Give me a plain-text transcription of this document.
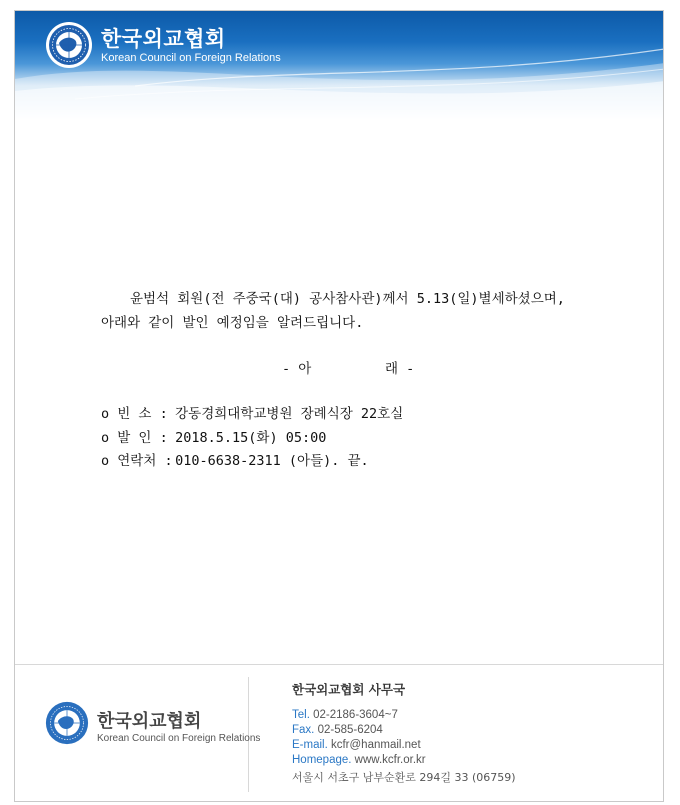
한국외교협회
Korean Council on Foreign Relations
윤범석 회원(전 주중국(대) 공사참사관)께서 5.13(일)별세하셨으며,
아래와 같이 발인 예정임을 알려드립니다.
- 아	래 -
o 빈 소 : 강동경희대학교병원 장례식장 22호실
o 발 인 : 2018.5.15(화) 05:00
o 연락처 : 010-6638-2311 (아들). 끝.
한국외교협회
Korean Council on Foreign Relations
한국외교협회 사무국
Tel. 02-2186-3604~7
Fax. 02-585-6204
E-mail. kcfr@hanmail.net
Homepage. www.kcfr.or.kr
서울시 서초구 남부순환로 294길 33 (06759)
